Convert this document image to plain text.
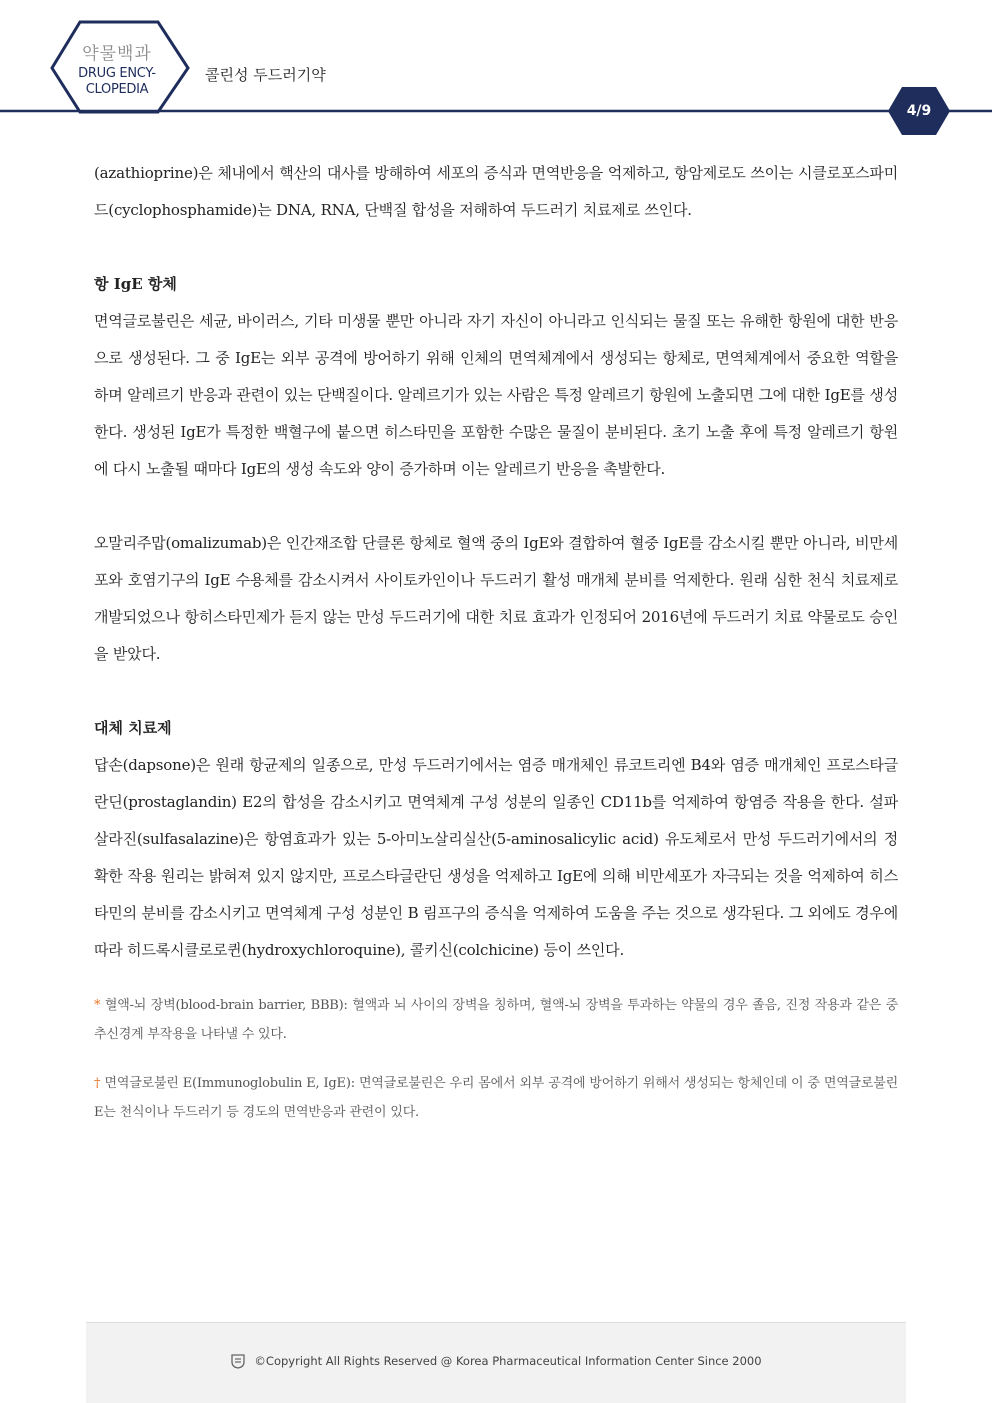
약물백과
DRUG ENCY-
CLOPEDIA
콜린성 두드러기약
4/9

(azathioprine)은 체내에서 핵산의 대사를 방해하여 세포의 증식과 면역반응을 억제하고, 항암제로도 쓰이는 시클로포스파미드(cyclophosphamide)는 DNA, RNA, 단백질 합성을 저해하여 두드러기 치료제로 쓰인다.

항 IgE 항체

면역글로불린은 세균, 바이러스, 기타 미생물 뿐만 아니라 자기 자신이 아니라고 인식되는 물질 또는 유해한 항원에 대한 반응으로 생성된다. 그 중 IgE는 외부 공격에 방어하기 위해 인체의 면역체계에서 생성되는 항체로, 면역체계에서 중요한 역할을 하며 알레르기 반응과 관련이 있는 단백질이다. 알레르기가 있는 사람은 특정 알레르기 항원에 노출되면 그에 대한 IgE를 생성한다. 생성된 IgE가 특정한 백혈구에 붙으면 히스타민을 포함한 수많은 물질이 분비된다. 초기 노출 후에 특정 알레르기 항원에 다시 노출될 때마다 IgE의 생성 속도와 양이 증가하며 이는 알레르기 반응을 촉발한다.

오말리주맙(omalizumab)은 인간재조합 단클론 항체로 혈액 중의 IgE와 결합하여 혈중 IgE를 감소시킬 뿐만 아니라, 비만세포와 호염기구의 IgE 수용체를 감소시켜서 사이토카인이나 두드러기 활성 매개체 분비를 억제한다. 원래 심한 천식 치료제로 개발되었으나 항히스타민제가 듣지 않는 만성 두드러기에 대한 치료 효과가 인정되어 2016년에 두드러기 치료 약물로도 승인을 받았다.

대체 치료제

답손(dapsone)은 원래 항균제의 일종으로, 만성 두드러기에서는 염증 매개체인 류코트리엔 B4와 염증 매개체인 프로스타글란딘(prostaglandin) E2의 합성을 감소시키고 면역체계 구성 성분의 일종인 CD11b를 억제하여 항염증 작용을 한다. 설파살라진(sulfasalazine)은 항염효과가 있는 5-아미노살리실산(5-aminosalicylic acid) 유도체로서 만성 두드러기에서의 정확한 작용 원리는 밝혀져 있지 않지만, 프로스타글란딘 생성을 억제하고 IgE에 의해 비만세포가 자극되는 것을 억제하여 히스타민의 분비를 감소시키고 면역체계 구성 성분인 B 림프구의 증식을 억제하여 도움을 주는 것으로 생각된다. 그 외에도 경우에 따라 히드록시클로로퀸(hydroxychloroquine), 콜키신(colchicine) 등이 쓰인다.

* 혈액-뇌 장벽(blood-brain barrier, BBB): 혈액과 뇌 사이의 장벽을 칭하며, 혈액-뇌 장벽을 투과하는 약물의 경우 졸음, 진정 작용과 같은 중추신경계 부작용을 나타낼 수 있다.

† 면역글로불린 E(Immunoglobulin E, IgE): 면역글로불린은 우리 몸에서 외부 공격에 방어하기 위해서 생성되는 항체인데 이 중 면역글로불린 E는 천식이나 두드러기 등 경도의 면역반응과 관련이 있다.

©Copyright All Rights Reserved @ Korea Pharmaceutical Information Center Since 2000
